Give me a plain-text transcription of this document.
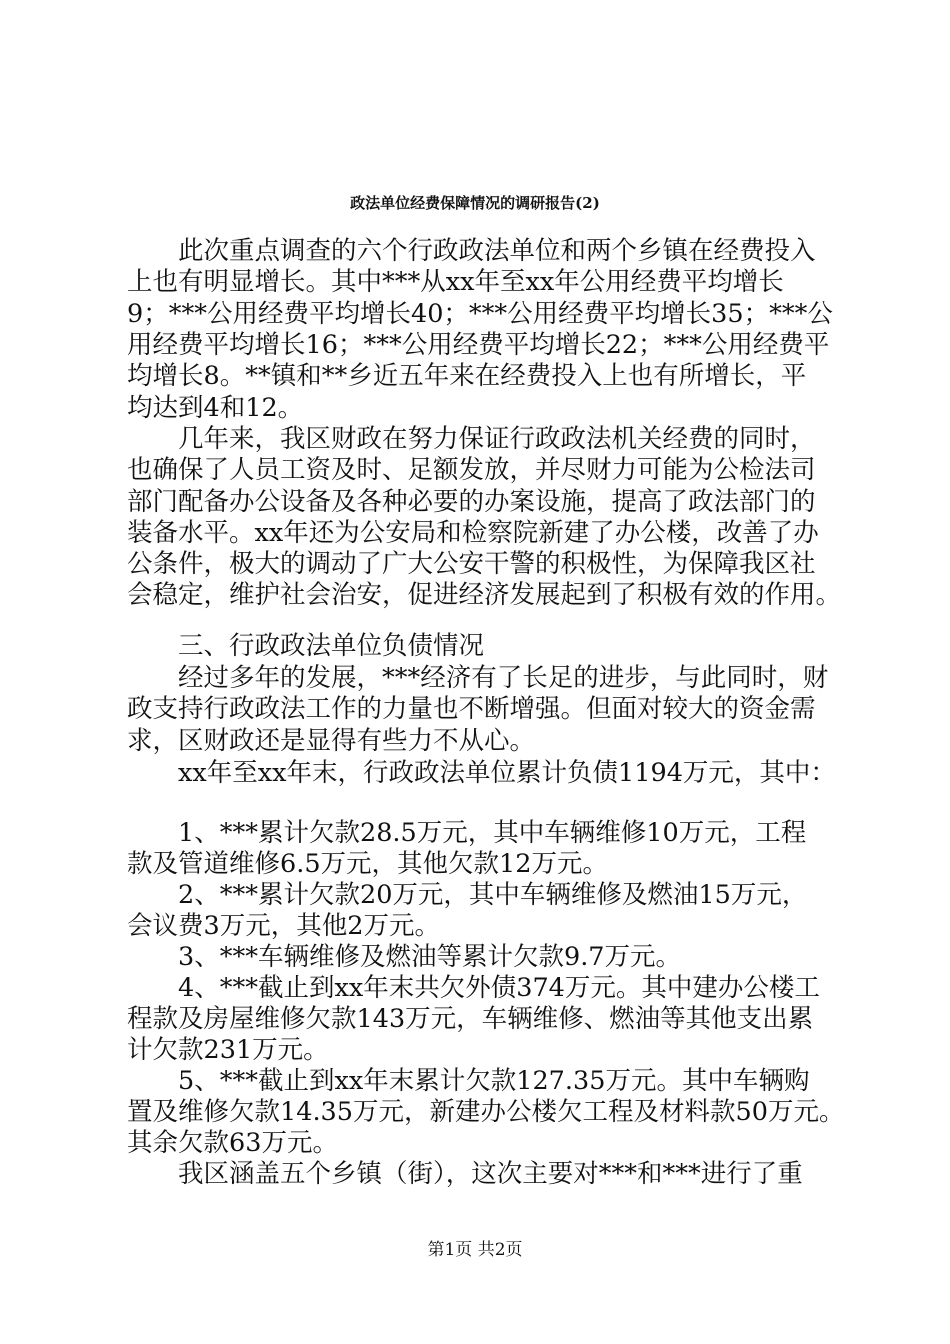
政法单位经费保障情况的调研报告(2)
　　此次重点调查的六个行政政法单位和两个乡镇在经费投入
上也有明显增长。其中***从xx年至xx年公用经费平均增长
9；***公用经费平均增长40；***公用经费平均增长35；***公
用经费平均增长16；***公用经费平均增长22；***公用经费平
均增长8。**镇和**乡近五年来在经费投入上也有所增长，平
均达到4和12。
　　几年来，我区财政在努力保证行政政法机关经费的同时，
也确保了人员工资及时、足额发放，并尽财力可能为公检法司
部门配备办公设备及各种必要的办案设施，提高了政法部门的
装备水平。xx年还为公安局和检察院新建了办公楼，改善了办
公条件，极大的调动了广大公安干警的积极性，为保障我区社
会稳定，维护社会治安，促进经济发展起到了积极有效的作用。
　　三、行政政法单位负债情况
　　经过多年的发展，***经济有了长足的进步，与此同时，财
政支持行政政法工作的力量也不断增强。但面对较大的资金需
求，区财政还是显得有些力不从心。
　　xx年至xx年末，行政政法单位累计负债1194万元，其中：
　　1、***累计欠款28.5万元，其中车辆维修10万元，工程
款及管道维修6.5万元，其他欠款12万元。
　　2、***累计欠款20万元，其中车辆维修及燃油15万元，
会议费3万元，其他2万元。
　　3、***车辆维修及燃油等累计欠款9.7万元。
　　4、***截止到xx年末共欠外债374万元。其中建办公楼工
程款及房屋维修欠款143万元，车辆维修、燃油等其他支出累
计欠款231万元。
　　5、***截止到xx年末累计欠款127.35万元。其中车辆购
置及维修欠款14.35万元，新建办公楼欠工程及材料款50万元。
其余欠款63万元。
　　我区涵盖五个乡镇（街），这次主要对***和***进行了重
第1页 共2页
